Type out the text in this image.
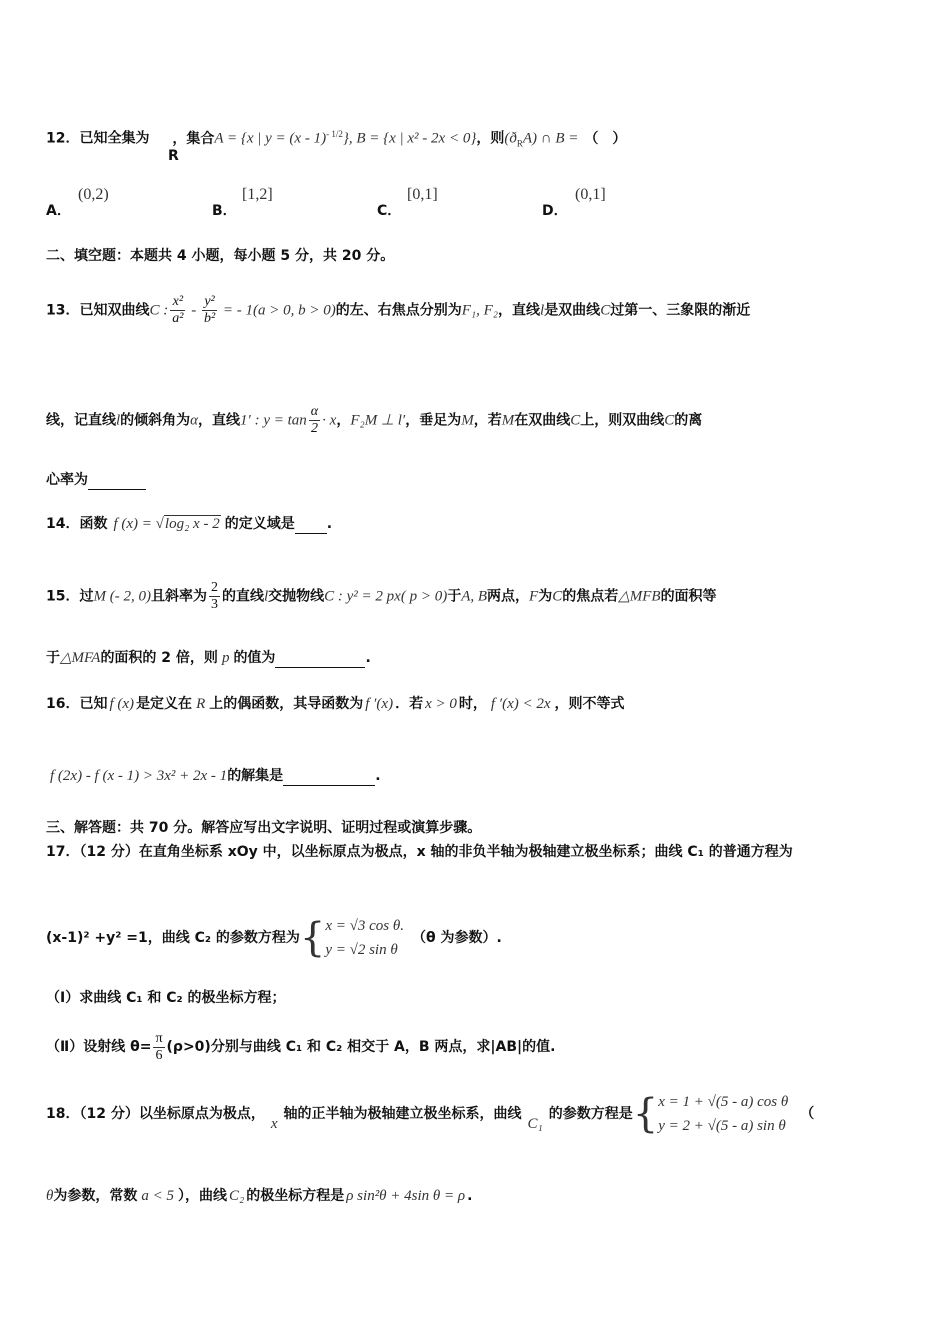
12．已知全集为
R
，集合A = {x | y = (x - 1)$^{- 1/2}$}, B = {x | x² - 2x < 0}，则$(ð_RA)$ ∩ B = （　）
A．
(0,2)
B．
[1,2]
C．
[0,1]
D．
(0,1]
二、填空题：本题共 4 小题，每小题 5 分，共 20 分。
13．已知双曲线C : $\frac{\text{x²}}{\text{a²}} - \frac{\text{y²}}{\text{b²}}$ = - 1(a > 0, b > 0)的左、右焦点分别为F₁, F₂，直线l是双曲线C过第一、三象限的渐近
线，记直线l的倾斜角为α，直线1′ : $y = \tan \frac{\alpha}{2} \cdot x$，F₂M ⊥ l′，垂足为M，若M在双曲线C上，则双曲线C的离
心率为
14．函数 f (x) = √log₂ x - 2 的定义域是 .
15．过M (- 2, 0)且斜率为 $\frac{2}{3}$ 的直线l交抛物线C : y² = 2 px( p > 0)于A, B两点，F为C的焦点若△MFB的面积等
于△MFA的面积的 2 倍，则 p 的值为	.
16．已知 f (x) 是定义在 R 上的偶函数，其导函数为 f ′(x) ．若 x > 0 时， f ′(x) < 2x ，则不等式
f (2x) - f (x - 1) > 3x² + 2x - 1的解集是	.
三、解答题：共 70 分。解答应写出文字说明、证明过程或演算步骤。
17．（12 分）在直角坐标系 xOy 中，以坐标原点为极点，x 轴的非负半轴为极轴建立极坐标系；曲线 C₁ 的普通方程为
(x-1)² +y² =1，曲线 C₂ 的参数方程为{ x = √3 cos θ.
y = √2 sin θ
（θ 为参数）.
（Ⅰ）求曲线 C₁ 和 C₂ 的极坐标方程；
（Ⅱ）设射线 $\theta= \frac{\pi}{6} (\rho>0)$分别与曲线 C₁ 和 C₂ 相交于 A，B 两点，求|AB|的值.
18．（12 分）以坐标原点为极点，x轴的正半轴为极轴建立极坐标系，曲线C₁的参数方程是{ x = 1 + √(5 - a) cos θ
y = 2 + √(5 - a) sin θ
（
θ为参数，常数 a < 5 ），曲线 C₂ 的极坐标方程是 ρ sin²θ + 4sin θ = ρ .
